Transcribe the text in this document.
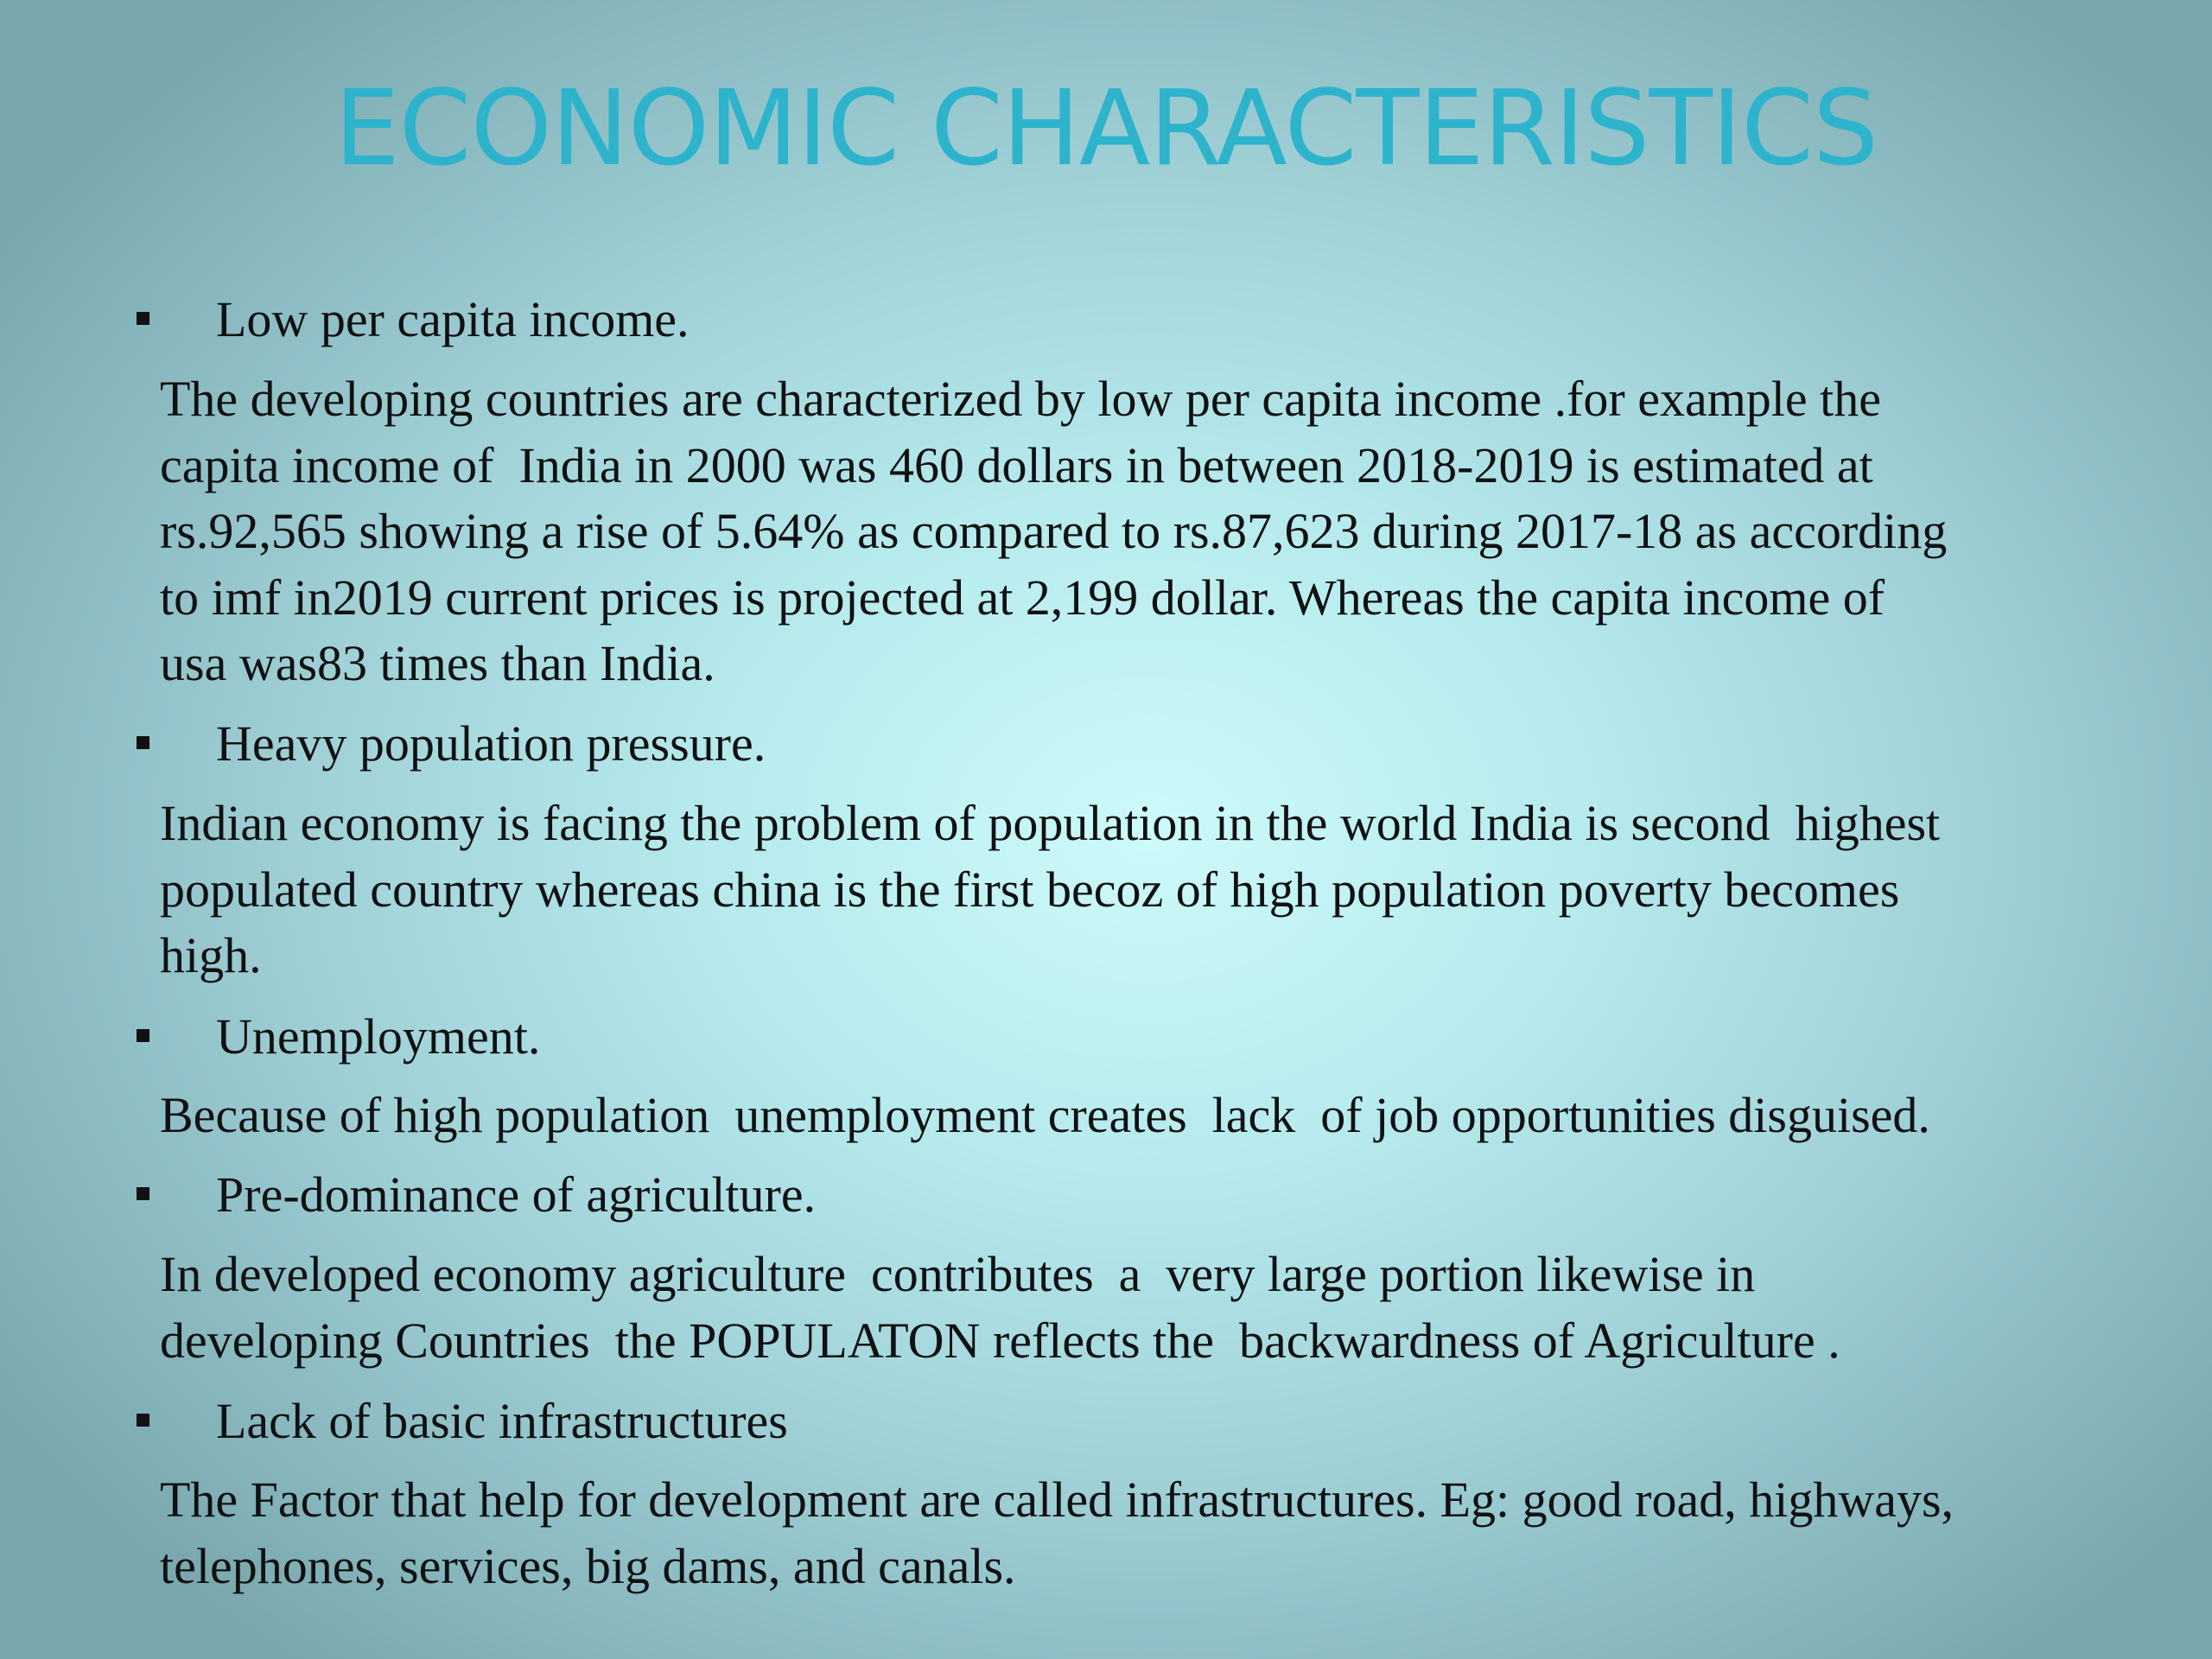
ECONOMIC CHARACTERISTICS
Low per capita income.
The developing countries are characterized by low per capita income .for example the
capita income of  India in 2000 was 460 dollars in between 2018-2019 is estimated at
rs.92,565 showing a rise of 5.64% as compared to rs.87,623 during 2017-18 as according
to imf in2019 current prices is projected at 2,199 dollar. Whereas the capita income of
usa was83 times than India.
Heavy population pressure.
Indian economy is facing the problem of population in the world India is second  highest
populated country whereas china is the first becoz of high population poverty becomes
high.
Unemployment.
Because of high population  unemployment creates  lack  of job opportunities disguised.
Pre-dominance of agriculture.
In developed economy agriculture  contributes  a  very large portion likewise in
developing Countries  the POPULATON reflects the  backwardness of Agriculture .
Lack of basic infrastructures
The Factor that help for development are called infrastructures. Eg: good road, highways,
telephones, services, big dams, and canals.
